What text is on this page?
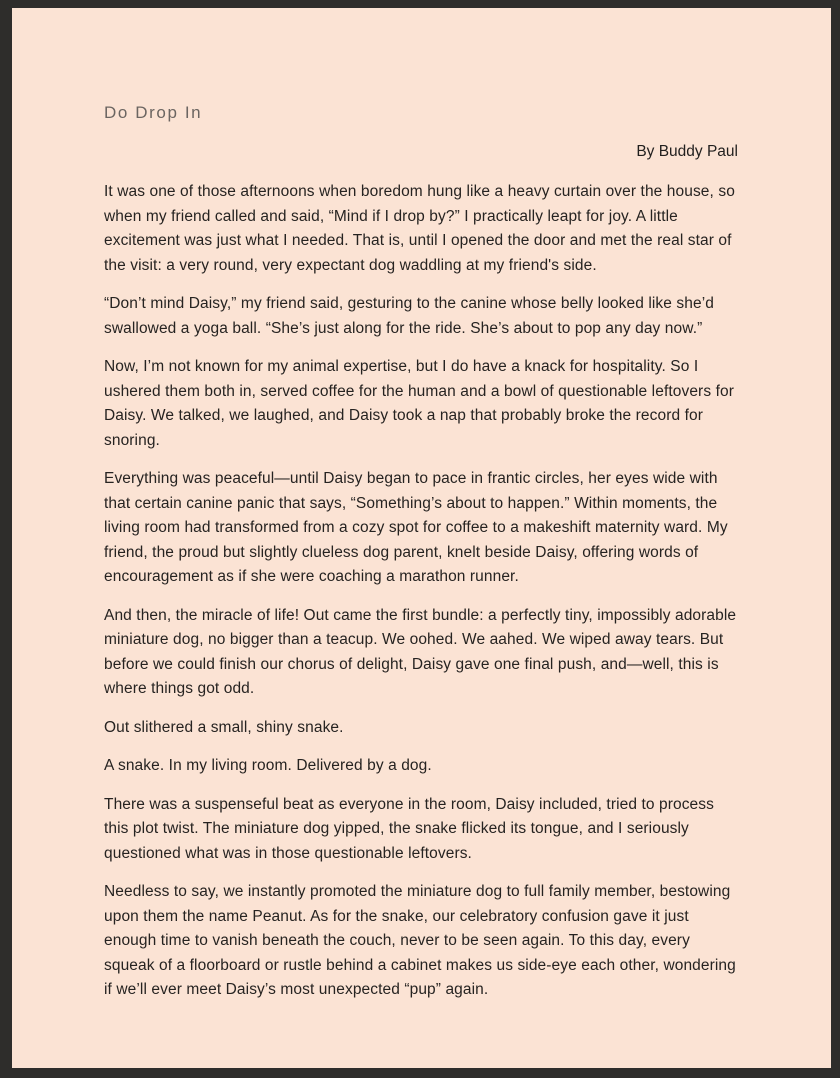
Do Drop In
By Buddy Paul

It was one of those afternoons when boredom hung like a heavy curtain over the house, so when my friend called and said, “Mind if I drop by?” I practically leapt for joy. A little excitement was just what I needed. That is, until I opened the door and met the real star of the visit: a very round, very expectant dog waddling at my friend's side.

“Don’t mind Daisy,” my friend said, gesturing to the canine whose belly looked like she’d swallowed a yoga ball. “She’s just along for the ride. She’s about to pop any day now.”

Now, I’m not known for my animal expertise, but I do have a knack for hospitality. So I ushered them both in, served coffee for the human and a bowl of questionable leftovers for Daisy. We talked, we laughed, and Daisy took a nap that probably broke the record for snoring.

Everything was peaceful—until Daisy began to pace in frantic circles, her eyes wide with that certain canine panic that says, “Something’s about to happen.” Within moments, the living room had transformed from a cozy spot for coffee to a makeshift maternity ward. My friend, the proud but slightly clueless dog parent, knelt beside Daisy, offering words of encouragement as if she were coaching a marathon runner.

And then, the miracle of life! Out came the first bundle: a perfectly tiny, impossibly adorable miniature dog, no bigger than a teacup. We oohed. We aahed. We wiped away tears. But before we could finish our chorus of delight, Daisy gave one final push, and—well, this is where things got odd.

Out slithered a small, shiny snake.

A snake. In my living room. Delivered by a dog.

There was a suspenseful beat as everyone in the room, Daisy included, tried to process this plot twist. The miniature dog yipped, the snake flicked its tongue, and I seriously questioned what was in those questionable leftovers.

Needless to say, we instantly promoted the miniature dog to full family member, bestowing upon them the name Peanut. As for the snake, our celebratory confusion gave it just enough time to vanish beneath the couch, never to be seen again. To this day, every squeak of a floorboard or rustle behind a cabinet makes us side-eye each other, wondering if we’ll ever meet Daisy’s most unexpected “pup” again.
